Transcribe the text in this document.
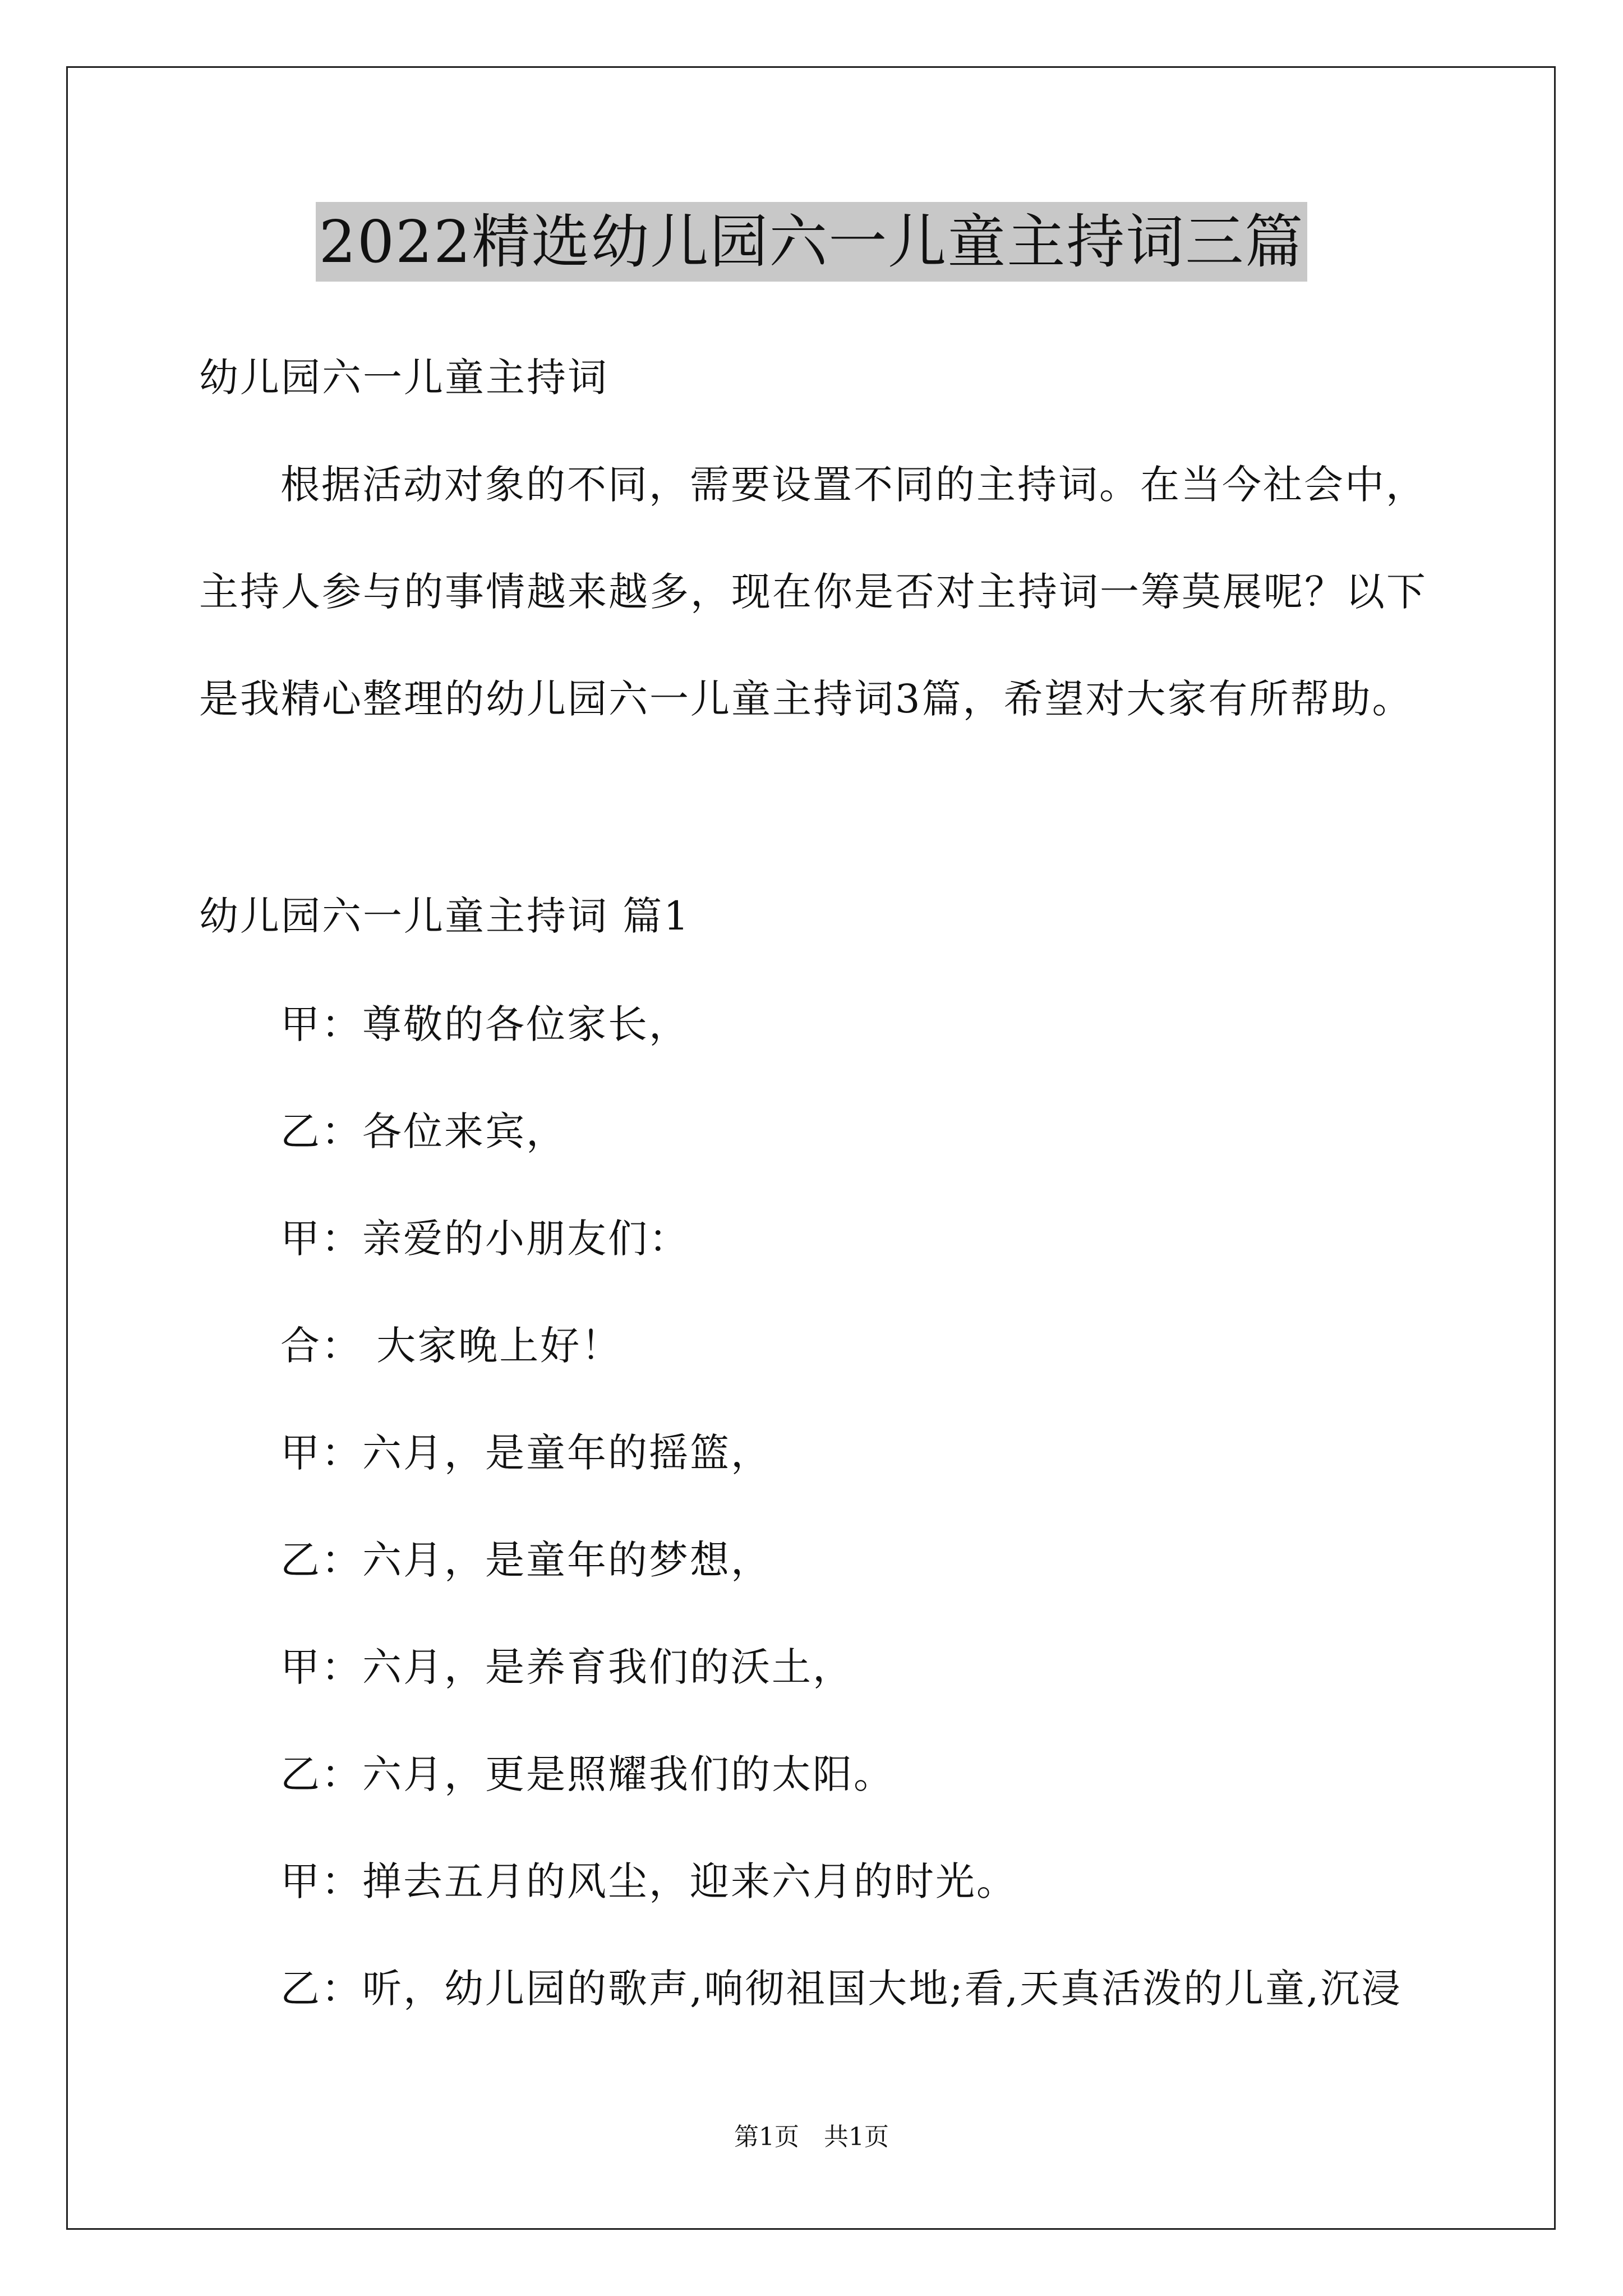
2022精选幼儿园六一儿童主持词三篇
幼儿园六一儿童主持词
根据活动对象的不同，需要设置不同的主持词。在当今社会中，
主持人参与的事情越来越多，现在你是否对主持词一筹莫展呢？以下
是我精心整理的幼儿园六一儿童主持词3篇，希望对大家有所帮助。
幼儿园六一儿童主持词 篇1
甲：尊敬的各位家长，
乙：各位来宾，
甲：亲爱的小朋友们：
合： 大家晚上好！
甲：六月，是童年的摇篮，
乙：六月，是童年的梦想，
甲：六月，是养育我们的沃土，
乙：六月，更是照耀我们的太阳。
甲：掸去五月的风尘，迎来六月的时光。
乙：听，幼儿园的歌声,响彻祖国大地;看,天真活泼的儿童,沉浸
第1页　共1页
